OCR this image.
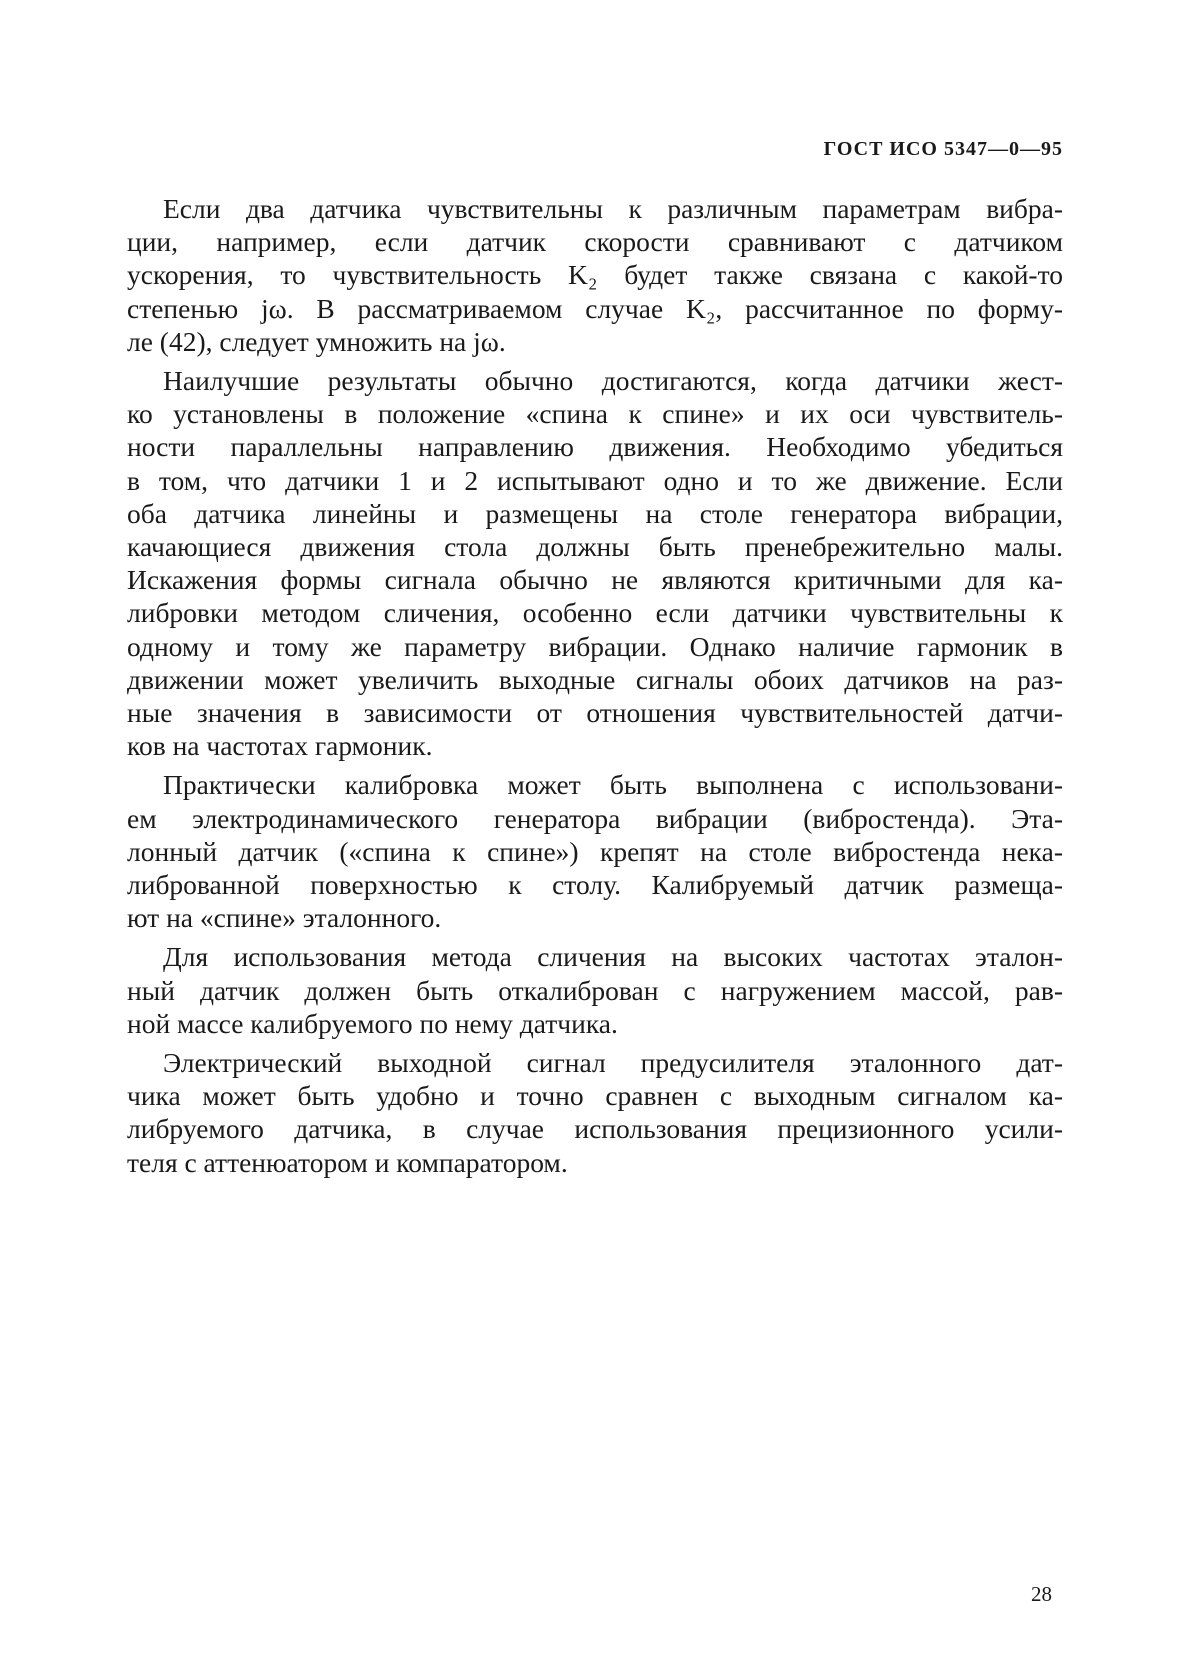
ГОСТ ИСО 5347—0—95
Если два датчика чувствительны к различным параметрам вибра-
ции, например, если датчик скорости сравнивают с датчиком
ускорения, то чувствительность K₂ будет также связана с какой-то
степенью jω. В рассматриваемом случае K₂, рассчитанное по форму-
ле (42), следует умножить на jω.
Наилучшие результаты обычно достигаются, когда датчики жест-
ко установлены в положение «спина к спине» и их оси чувствитель-
ности параллельны направлению движения. Необходимо убедиться
в том, что датчики 1 и 2 испытывают одно и то же движение. Если
оба датчика линейны и размещены на столе генератора вибрации,
качающиеся движения стола должны быть пренебрежительно малы.
Искажения формы сигнала обычно не являются критичными для ка-
либровки методом сличения, особенно если датчики чувствительны к
одному и тому же параметру вибрации. Однако наличие гармоник в
движении может увеличить выходные сигналы обоих датчиков на раз-
ные значения в зависимости от отношения чувствительностей датчи-
ков на частотах гармоник.
Практически калибровка может быть выполнена с использовани-
ем электродинамического генератора вибрации (вибростенда). Эта-
лонный датчик («спина к спине») крепят на столе вибростенда нека-
либрованной поверхностью к столу. Калибруемый датчик размеща-
ют на «спине» эталонного.
Для использования метода сличения на высоких частотах эталон-
ный датчик должен быть откалиброван с нагружением массой, рав-
ной массе калибруемого по нему датчика.
Электрический выходной сигнал предусилителя эталонного дат-
чика может быть удобно и точно сравнен с выходным сигналом ка-
либруемого датчика, в случае использования прецизионного усили-
теля с аттенюатором и компаратором.
28
